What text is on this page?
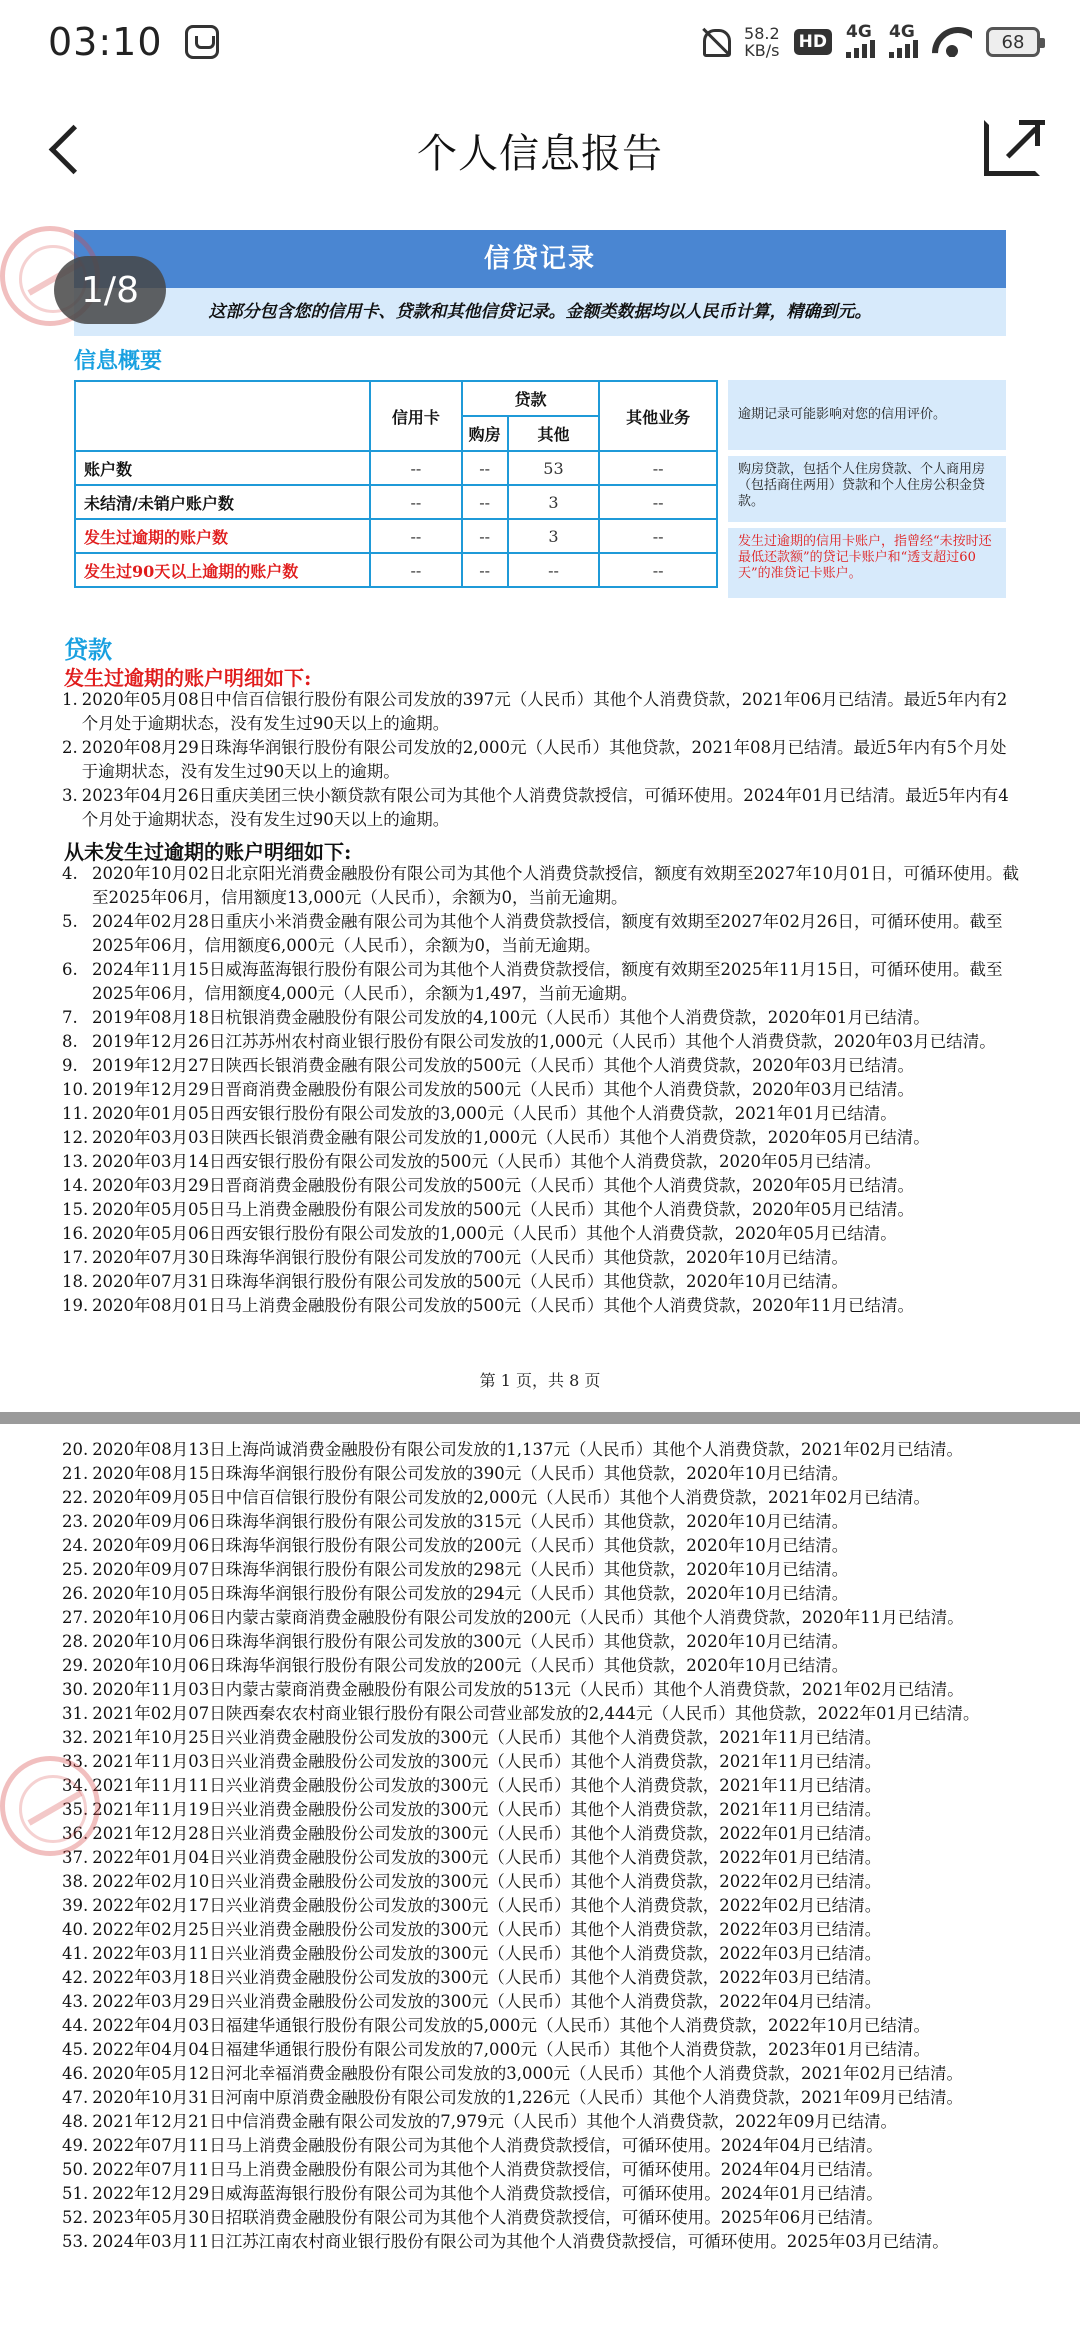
03:10	58.2
KB/s HD 4G 4G	68
个人信息报告
1/8
信贷记录
这部分包含您的信用卡、贷款和其他信贷记录。金额类数据均以人民币计算，精确到元。
信息概要
	信用卡	贷款		其他业务
		购房	其他	
账户数	--	--	53	--
未结清/未销户账户数	--	--	3	--
发生过逾期的账户数	--	--	3	--
发生过90天以上逾期的账户数	--	--	--	--
逾期记录可能影响对您的信用评价。
购房贷款，包括个人住房贷款、个人商用房（包括商住两用）贷款和个人住房公积金贷款。
发生过逾期的信用卡账户，指曾经“未按时还最低还款额”的贷记卡账户和“透支超过60天”的准贷记卡账户。
贷款
发生过逾期的账户明细如下:
1. 2020年05月08日中信百信银行股份有限公司发放的397元（人民币）其他个人消费贷款，2021年06月已结清。最近5年内有2个月处于逾期状态，没有发生过90天以上的逾期。
2. 2020年08月29日珠海华润银行股份有限公司发放的2,000元（人民币）其他贷款，2021年08月已结清。最近5年内有5个月处于逾期状态，没有发生过90天以上的逾期。
3. 2023年04月26日重庆美团三快小额贷款有限公司为其他个人消费贷款授信，可循环使用。2024年01月已结清。最近5年内有4个月处于逾期状态，没有发生过90天以上的逾期。
从未发生过逾期的账户明细如下:
4. 2020年10月02日北京阳光消费金融股份有限公司为其他个人消费贷款授信，额度有效期至2027年10月01日，可循环使用。截至2025年06月，信用额度13,000元（人民币），余额为0，当前无逾期。
5. 2024年02月28日重庆小米消费金融有限公司为其他个人消费贷款授信，额度有效期至2027年02月26日，可循环使用。截至2025年06月，信用额度6,000元（人民币），余额为0，当前无逾期。
6. 2024年11月15日威海蓝海银行股份有限公司为其他个人消费贷款授信，额度有效期至2025年11月15日，可循环使用。截至2025年06月，信用额度4,000元（人民币），余额为1,497，当前无逾期。
7. 2019年08月18日杭银消费金融股份有限公司发放的4,100元（人民币）其他个人消费贷款，2020年01月已结清。
8. 2019年12月26日江苏苏州农村商业银行股份有限公司发放的1,000元（人民币）其他个人消费贷款，2020年03月已结清。
9. 2019年12月27日陕西长银消费金融有限公司发放的500元（人民币）其他个人消费贷款，2020年03月已结清。
10. 2019年12月29日晋商消费金融股份有限公司发放的500元（人民币）其他个人消费贷款，2020年03月已结清。
11. 2020年01月05日西安银行股份有限公司发放的3,000元（人民币）其他个人消费贷款，2021年01月已结清。
12. 2020年03月03日陕西长银消费金融有限公司发放的1,000元（人民币）其他个人消费贷款，2020年05月已结清。
13. 2020年03月14日西安银行股份有限公司发放的500元（人民币）其他个人消费贷款，2020年05月已结清。
14. 2020年03月29日晋商消费金融股份有限公司发放的500元（人民币）其他个人消费贷款，2020年05月已结清。
15. 2020年05月05日马上消费金融股份有限公司发放的500元（人民币）其他个人消费贷款，2020年05月已结清。
16. 2020年05月06日西安银行股份有限公司发放的1,000元（人民币）其他个人消费贷款，2020年05月已结清。
17. 2020年07月30日珠海华润银行股份有限公司发放的700元（人民币）其他贷款，2020年10月已结清。
18. 2020年07月31日珠海华润银行股份有限公司发放的500元（人民币）其他贷款，2020年10月已结清。
19. 2020年08月01日马上消费金融股份有限公司发放的500元（人民币）其他个人消费贷款，2020年11月已结清。
第 1 页，共 8 页
20. 2020年08月13日上海尚诚消费金融股份有限公司发放的1,137元（人民币）其他个人消费贷款，2021年02月已结清。
21. 2020年08月15日珠海华润银行股份有限公司发放的390元（人民币）其他贷款，2020年10月已结清。
22. 2020年09月05日中信百信银行股份有限公司发放的2,000元（人民币）其他个人消费贷款，2021年02月已结清。
23. 2020年09月06日珠海华润银行股份有限公司发放的315元（人民币）其他贷款，2020年10月已结清。
24. 2020年09月06日珠海华润银行股份有限公司发放的200元（人民币）其他贷款，2020年10月已结清。
25. 2020年09月07日珠海华润银行股份有限公司发放的298元（人民币）其他贷款，2020年10月已结清。
26. 2020年10月05日珠海华润银行股份有限公司发放的294元（人民币）其他贷款，2020年10月已结清。
27. 2020年10月06日内蒙古蒙商消费金融股份有限公司发放的200元（人民币）其他个人消费贷款，2020年11月已结清。
28. 2020年10月06日珠海华润银行股份有限公司发放的300元（人民币）其他贷款，2020年10月已结清。
29. 2020年10月06日珠海华润银行股份有限公司发放的200元（人民币）其他贷款，2020年10月已结清。
30. 2020年11月03日内蒙古蒙商消费金融股份有限公司发放的513元（人民币）其他个人消费贷款，2021年02月已结清。
31. 2021年02月07日陕西秦农农村商业银行股份有限公司营业部发放的2,444元（人民币）其他贷款，2022年01月已结清。
32. 2021年10月25日兴业消费金融股份公司发放的300元（人民币）其他个人消费贷款，2021年11月已结清。
33. 2021年11月03日兴业消费金融股份公司发放的300元（人民币）其他个人消费贷款，2021年11月已结清。
34. 2021年11月11日兴业消费金融股份公司发放的300元（人民币）其他个人消费贷款，2021年11月已结清。
35. 2021年11月19日兴业消费金融股份公司发放的300元（人民币）其他个人消费贷款，2021年11月已结清。
36. 2021年12月28日兴业消费金融股份公司发放的300元（人民币）其他个人消费贷款，2022年01月已结清。
37. 2022年01月04日兴业消费金融股份公司发放的300元（人民币）其他个人消费贷款，2022年01月已结清。
38. 2022年02月10日兴业消费金融股份公司发放的300元（人民币）其他个人消费贷款，2022年02月已结清。
39. 2022年02月17日兴业消费金融股份公司发放的300元（人民币）其他个人消费贷款，2022年02月已结清。
40. 2022年02月25日兴业消费金融股份公司发放的300元（人民币）其他个人消费贷款，2022年03月已结清。
41. 2022年03月11日兴业消费金融股份公司发放的300元（人民币）其他个人消费贷款，2022年03月已结清。
42. 2022年03月18日兴业消费金融股份公司发放的300元（人民币）其他个人消费贷款，2022年03月已结清。
43. 2022年03月29日兴业消费金融股份公司发放的300元（人民币）其他个人消费贷款，2022年04月已结清。
44. 2022年04月03日福建华通银行股份有限公司发放的5,000元（人民币）其他个人消费贷款，2022年10月已结清。
45. 2022年04月04日福建华通银行股份有限公司发放的7,000元（人民币）其他个人消费贷款，2023年01月已结清。
46. 2020年05月12日河北幸福消费金融股份有限公司发放的3,000元（人民币）其他个人消费贷款，2021年02月已结清。
47. 2020年10月31日河南中原消费金融股份有限公司发放的1,226元（人民币）其他个人消费贷款，2021年09月已结清。
48. 2021年12月21日中信消费金融有限公司发放的7,979元（人民币）其他个人消费贷款，2022年09月已结清。
49. 2022年07月11日马上消费金融股份有限公司为其他个人消费贷款授信，可循环使用。2024年04月已结清。
50. 2022年07月11日马上消费金融股份有限公司为其他个人消费贷款授信，可循环使用。2024年04月已结清。
51. 2022年12月29日威海蓝海银行股份有限公司为其他个人消费贷款授信，可循环使用。2024年01月已结清。
52. 2023年05月30日招联消费金融股份有限公司为其他个人消费贷款授信，可循环使用。2025年06月已结清。
53. 2024年03月11日江苏江南农村商业银行股份有限公司为其他个人消费贷款授信，可循环使用。2025年03月已结清。
